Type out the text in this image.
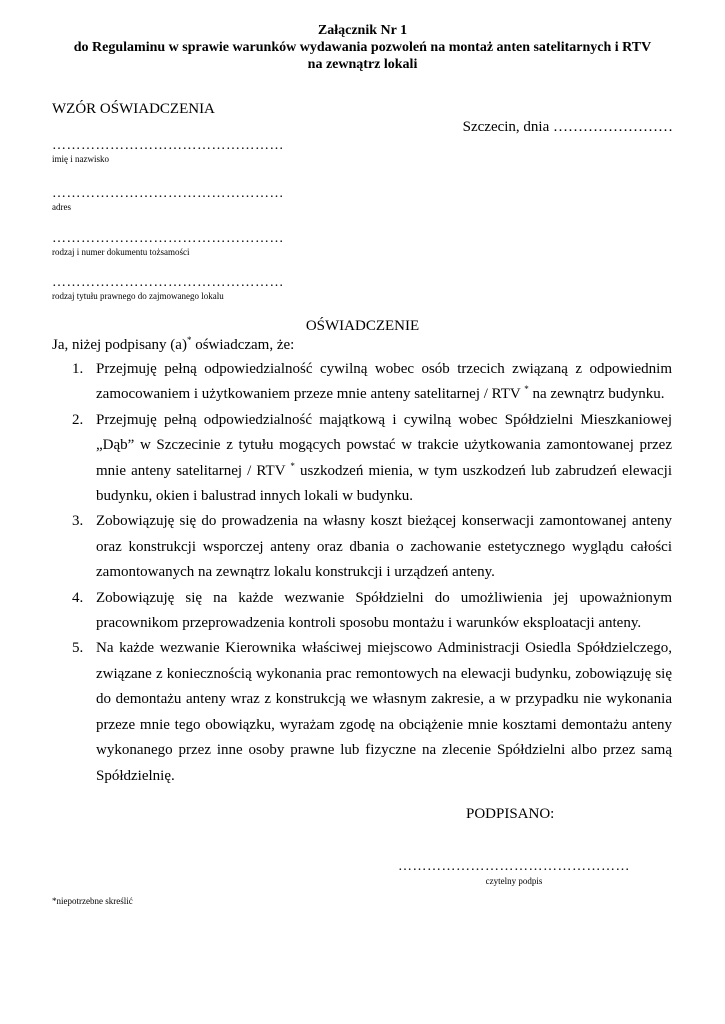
Załącznik Nr 1
do Regulaminu w sprawie warunków wydawania pozwoleń na montaż anten satelitarnych i RTV
na zewnątrz lokali
WZÓR OŚWIADCZENIA
Szczecin, dnia ……………………
…………………………………………
imię i nazwisko
…………………………………………
adres
…………………………………………
rodzaj i numer dokumentu tożsamości
…………………………………………
rodzaj tytułu prawnego do zajmowanego lokalu
OŚWIADCZENIE
Ja, niżej podpisany (a)* oświadczam, że:
1. Przejmuję pełną odpowiedzialność cywilną wobec osób trzecich związaną z odpowiednim zamocowaniem i użytkowaniem przeze mnie anteny satelitarnej / RTV * na zewnątrz budynku.
2. Przejmuję pełną odpowiedzialność majątkową i cywilną wobec Spółdzielni Mieszkaniowej „Dąb” w Szczecinie z tytułu mogących powstać w trakcie użytkowania zamontowanej przez mnie anteny satelitarnej / RTV * uszkodzeń mienia, w tym uszkodzeń lub zabrudzeń elewacji budynku, okien i balustrad innych lokali w budynku.
3. Zobowiązuję się do prowadzenia na własny koszt bieżącej konserwacji zamontowanej anteny oraz konstrukcji wsporczej anteny oraz dbania o zachowanie estetycznego wyglądu całości zamontowanych na zewnątrz lokalu konstrukcji i urządzeń anteny.
4. Zobowiązuję się na każde wezwanie Spółdzielni do umożliwienia jej upoważnionym pracownikom przeprowadzenia kontroli sposobu montażu i warunków eksploatacji anteny.
5. Na każde wezwanie Kierownika właściwej miejscowo Administracji Osiedla Spółdzielczego, związane z koniecznością wykonania prac remontowych na elewacji budynku, zobowiązuję się do demontażu anteny wraz z konstrukcją we własnym zakresie, a w przypadku nie wykonania przeze mnie tego obowiązku, wyrażam zgodę na obciążenie mnie kosztami demontażu anteny wykonanego przez inne osoby prawne lub fizyczne na zlecenie Spółdzielni albo przez samą Spółdzielnię.
PODPISANO:
…………………………………………
czytelny podpis
*niepotrzebne skreślić
